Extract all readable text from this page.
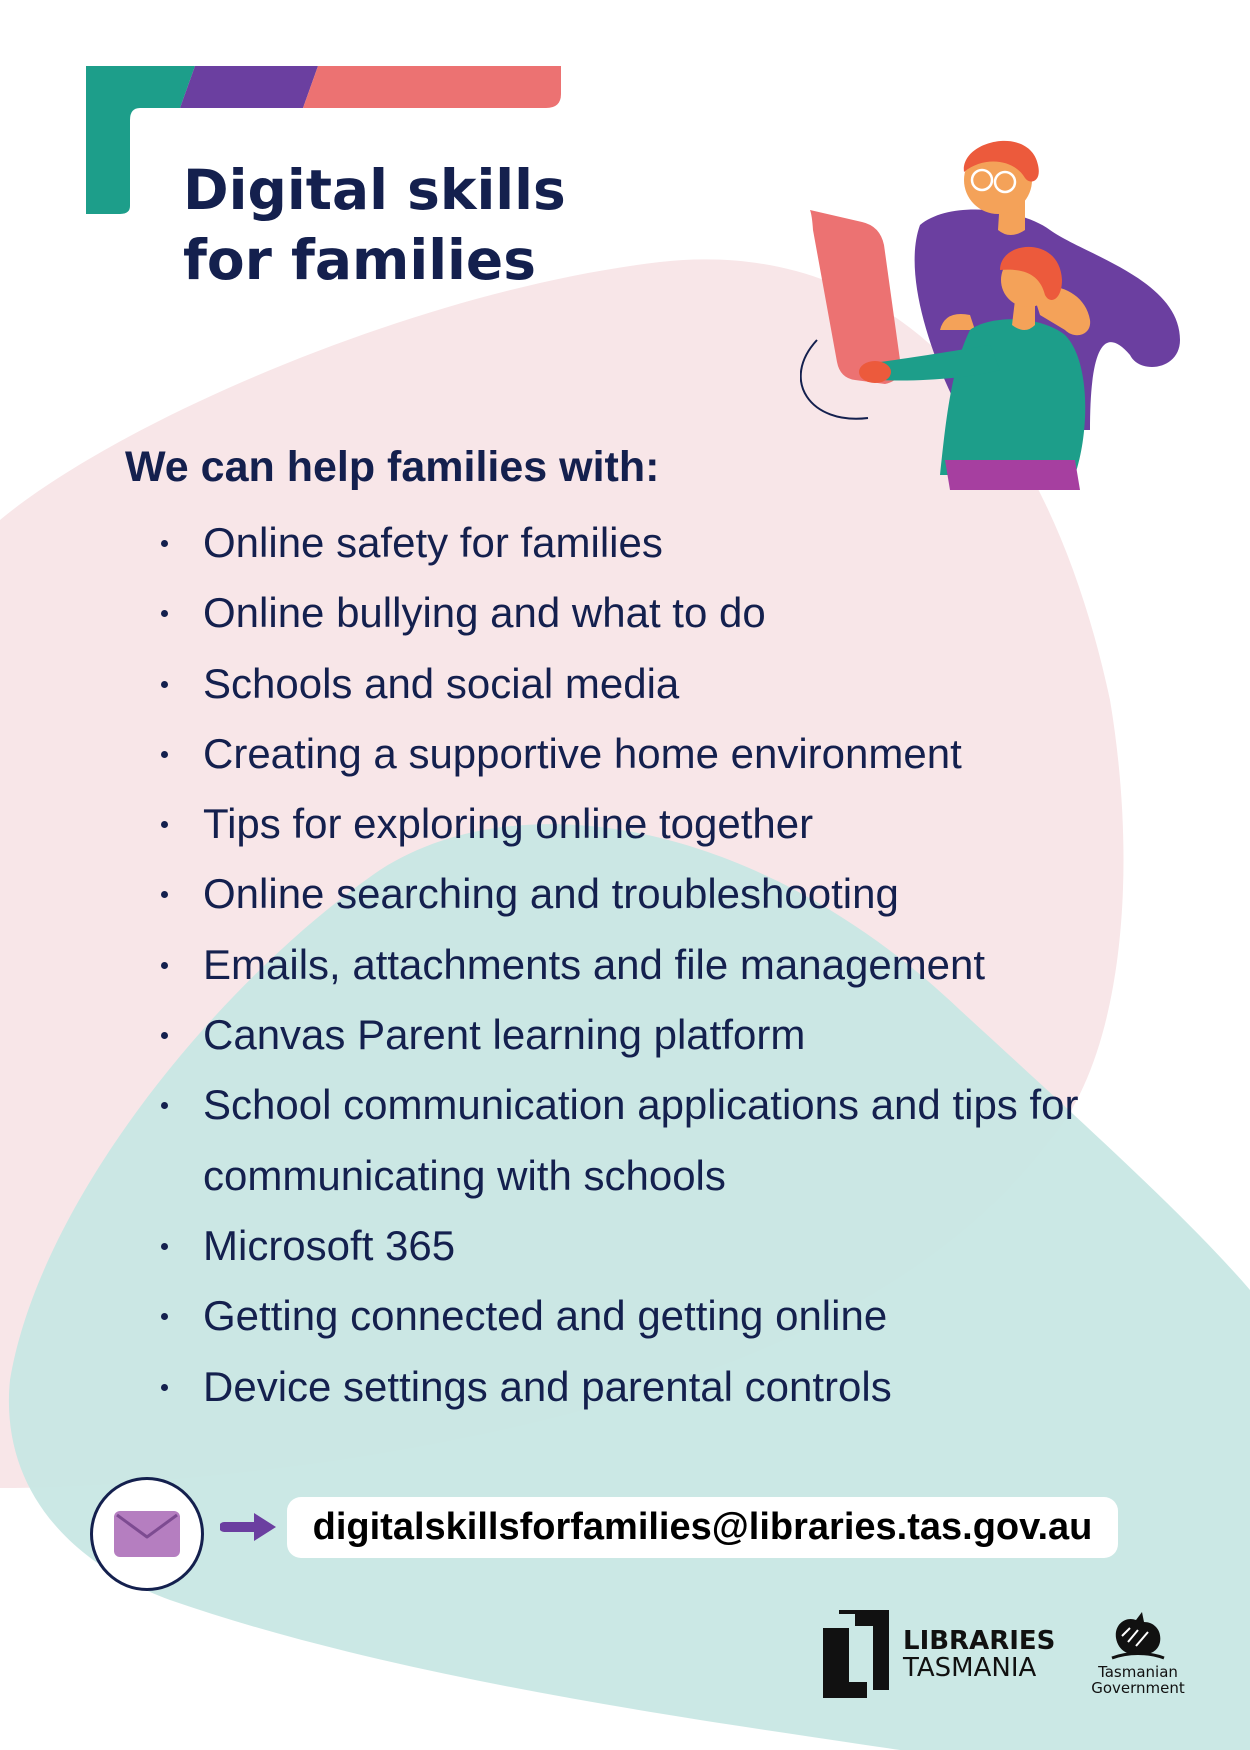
Digital skills
for families

We can help families with:

Online safety for families
Online bullying and what to do
Schools and social media
Creating a supportive home environment
Tips for exploring online together
Online searching and troubleshooting
Emails, attachments and file management
Canvas Parent learning platform
School communication applications and tips for communicating with schools
Microsoft 365
Getting connected and getting online
Device settings and parental controls
digitalskillsforfamilies@libraries.tas.gov.au
LIBRARIES
TASMANIA	Tasmanian
Government
